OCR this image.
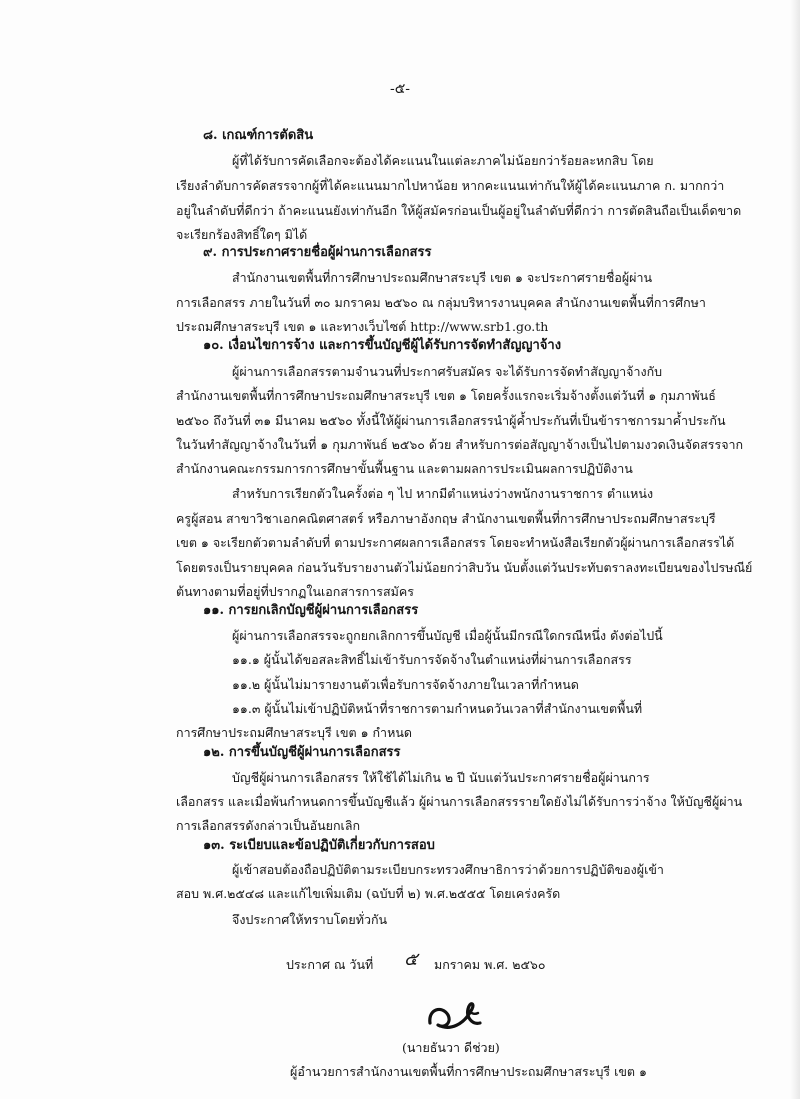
-๕-
๘. เกณฑ์การตัดสิน
ผู้ที่ได้รับการคัดเลือกจะต้องได้คะแนนในแต่ละภาคไม่น้อยกว่าร้อยละหกสิบ โดย
เรียงลำดับการคัดสรรจากผู้ที่ได้คะแนนมากไปหาน้อย หากคะแนนเท่ากันให้ผู้ได้คะแนนภาค ก. มากกว่า
อยู่ในลำดับที่ดีกว่า ถ้าคะแนนยังเท่ากันอีก ให้ผู้สมัครก่อนเป็นผู้อยู่ในลำดับที่ดีกว่า การตัดสินถือเป็นเด็ดขาด
จะเรียกร้องสิทธิ์ใดๆ มิได้
๙. การประกาศรายชื่อผู้ผ่านการเลือกสรร
สำนักงานเขตพื้นที่การศึกษาประถมศึกษาสระบุรี เขต ๑ จะประกาศรายชื่อผู้ผ่าน
การเลือกสรร ภายในวันที่ ๓๐ มกราคม ๒๕๖๐ ณ กลุ่มบริหารงานบุคคล สำนักงานเขตพื้นที่การศึกษา
ประถมศึกษาสระบุรี เขต ๑ และทางเว็บไซต์ http://www.srb1.go.th
๑๐. เงื่อนไขการจ้าง และการขึ้นบัญชีผู้ได้รับการจัดทำสัญญาจ้าง
ผู้ผ่านการเลือกสรรตามจำนวนที่ประกาศรับสมัคร จะได้รับการจัดทำสัญญาจ้างกับ
สำนักงานเขตพื้นที่การศึกษาประถมศึกษาสระบุรี เขต ๑ โดยครั้งแรกจะเริ่มจ้างตั้งแต่วันที่ ๑ กุมภาพันธ์
๒๕๖๐ ถึงวันที่ ๓๑ มีนาคม ๒๕๖๐ ทั้งนี้ให้ผู้ผ่านการเลือกสรรนำผู้ค้ำประกันที่เป็นข้าราชการมาค้ำประกัน
ในวันทำสัญญาจ้างในวันที่ ๑ กุมภาพันธ์ ๒๕๖๐ ด้วย สำหรับการต่อสัญญาจ้างเป็นไปตามงวดเงินจัดสรรจาก
สำนักงานคณะกรรมการการศึกษาขั้นพื้นฐาน และตามผลการประเมินผลการปฏิบัติงาน
สำหรับการเรียกตัวในครั้งต่อ ๆ ไป หากมีตำแหน่งว่างพนักงานราชการ ตำแหน่ง
ครูผู้สอน สาขาวิชาเอกคณิตศาสตร์ หรือภาษาอังกฤษ สำนักงานเขตพื้นที่การศึกษาประถมศึกษาสระบุรี
เขต ๑ จะเรียกตัวตามลำดับที่ ตามประกาศผลการเลือกสรร โดยจะทำหนังสือเรียกตัวผู้ผ่านการเลือกสรรได้
โดยตรงเป็นรายบุคคล ก่อนวันรับรายงานตัวไม่น้อยกว่าสิบวัน นับตั้งแต่วันประทับตราลงทะเบียนของไปรษณีย์
ต้นทางตามที่อยู่ที่ปรากฏในเอกสารการสมัคร
๑๑. การยกเลิกบัญชีผู้ผ่านการเลือกสรร
ผู้ผ่านการเลือกสรรจะถูกยกเลิกการขึ้นบัญชี เมื่อผู้นั้นมีกรณีใดกรณีหนึ่ง ดังต่อไปนี้
๑๑.๑ ผู้นั้นได้ขอสละสิทธิ์ไม่เข้ารับการจัดจ้างในตำแหน่งที่ผ่านการเลือกสรร
๑๑.๒ ผู้นั้นไม่มารายงานตัวเพื่อรับการจัดจ้างภายในเวลาที่กำหนด
๑๑.๓ ผู้นั้นไม่เข้าปฏิบัติหน้าที่ราชการตามกำหนดวันเวลาที่สำนักงานเขตพื้นที่
การศึกษาประถมศึกษาสระบุรี เขต ๑ กำหนด
๑๒. การขึ้นบัญชีผู้ผ่านการเลือกสรร
บัญชีผู้ผ่านการเลือกสรร ให้ใช้ได้ไม่เกิน ๒ ปี นับแต่วันประกาศรายชื่อผู้ผ่านการ
เลือกสรร และเมื่อพ้นกำหนดการขึ้นบัญชีแล้ว ผู้ผ่านการเลือกสรรรายใดยังไม่ได้รับการว่าจ้าง ให้บัญชีผู้ผ่าน
การเลือกสรรดังกล่าวเป็นอันยกเลิก
๑๓. ระเบียบและข้อปฏิบัติเกี่ยวกับการสอบ
ผู้เข้าสอบต้องถือปฏิบัติตามระเบียบกระทรวงศึกษาธิการว่าด้วยการปฏิบัติของผู้เข้า
สอบ พ.ศ.๒๕๔๘ และแก้ไขเพิ่มเติม (ฉบับที่ ๒) พ.ศ.๒๕๕๕ โดยเคร่งครัด
จึงประกาศให้ทราบโดยทั่วกัน
ประกาศ ณ วันที่ ๕ มกราคม พ.ศ. ๒๕๖๐
(นายธันวา ดีช่วย)
ผู้อำนวยการสำนักงานเขตพื้นที่การศึกษาประถมศึกษาสระบุรี เขต ๑
